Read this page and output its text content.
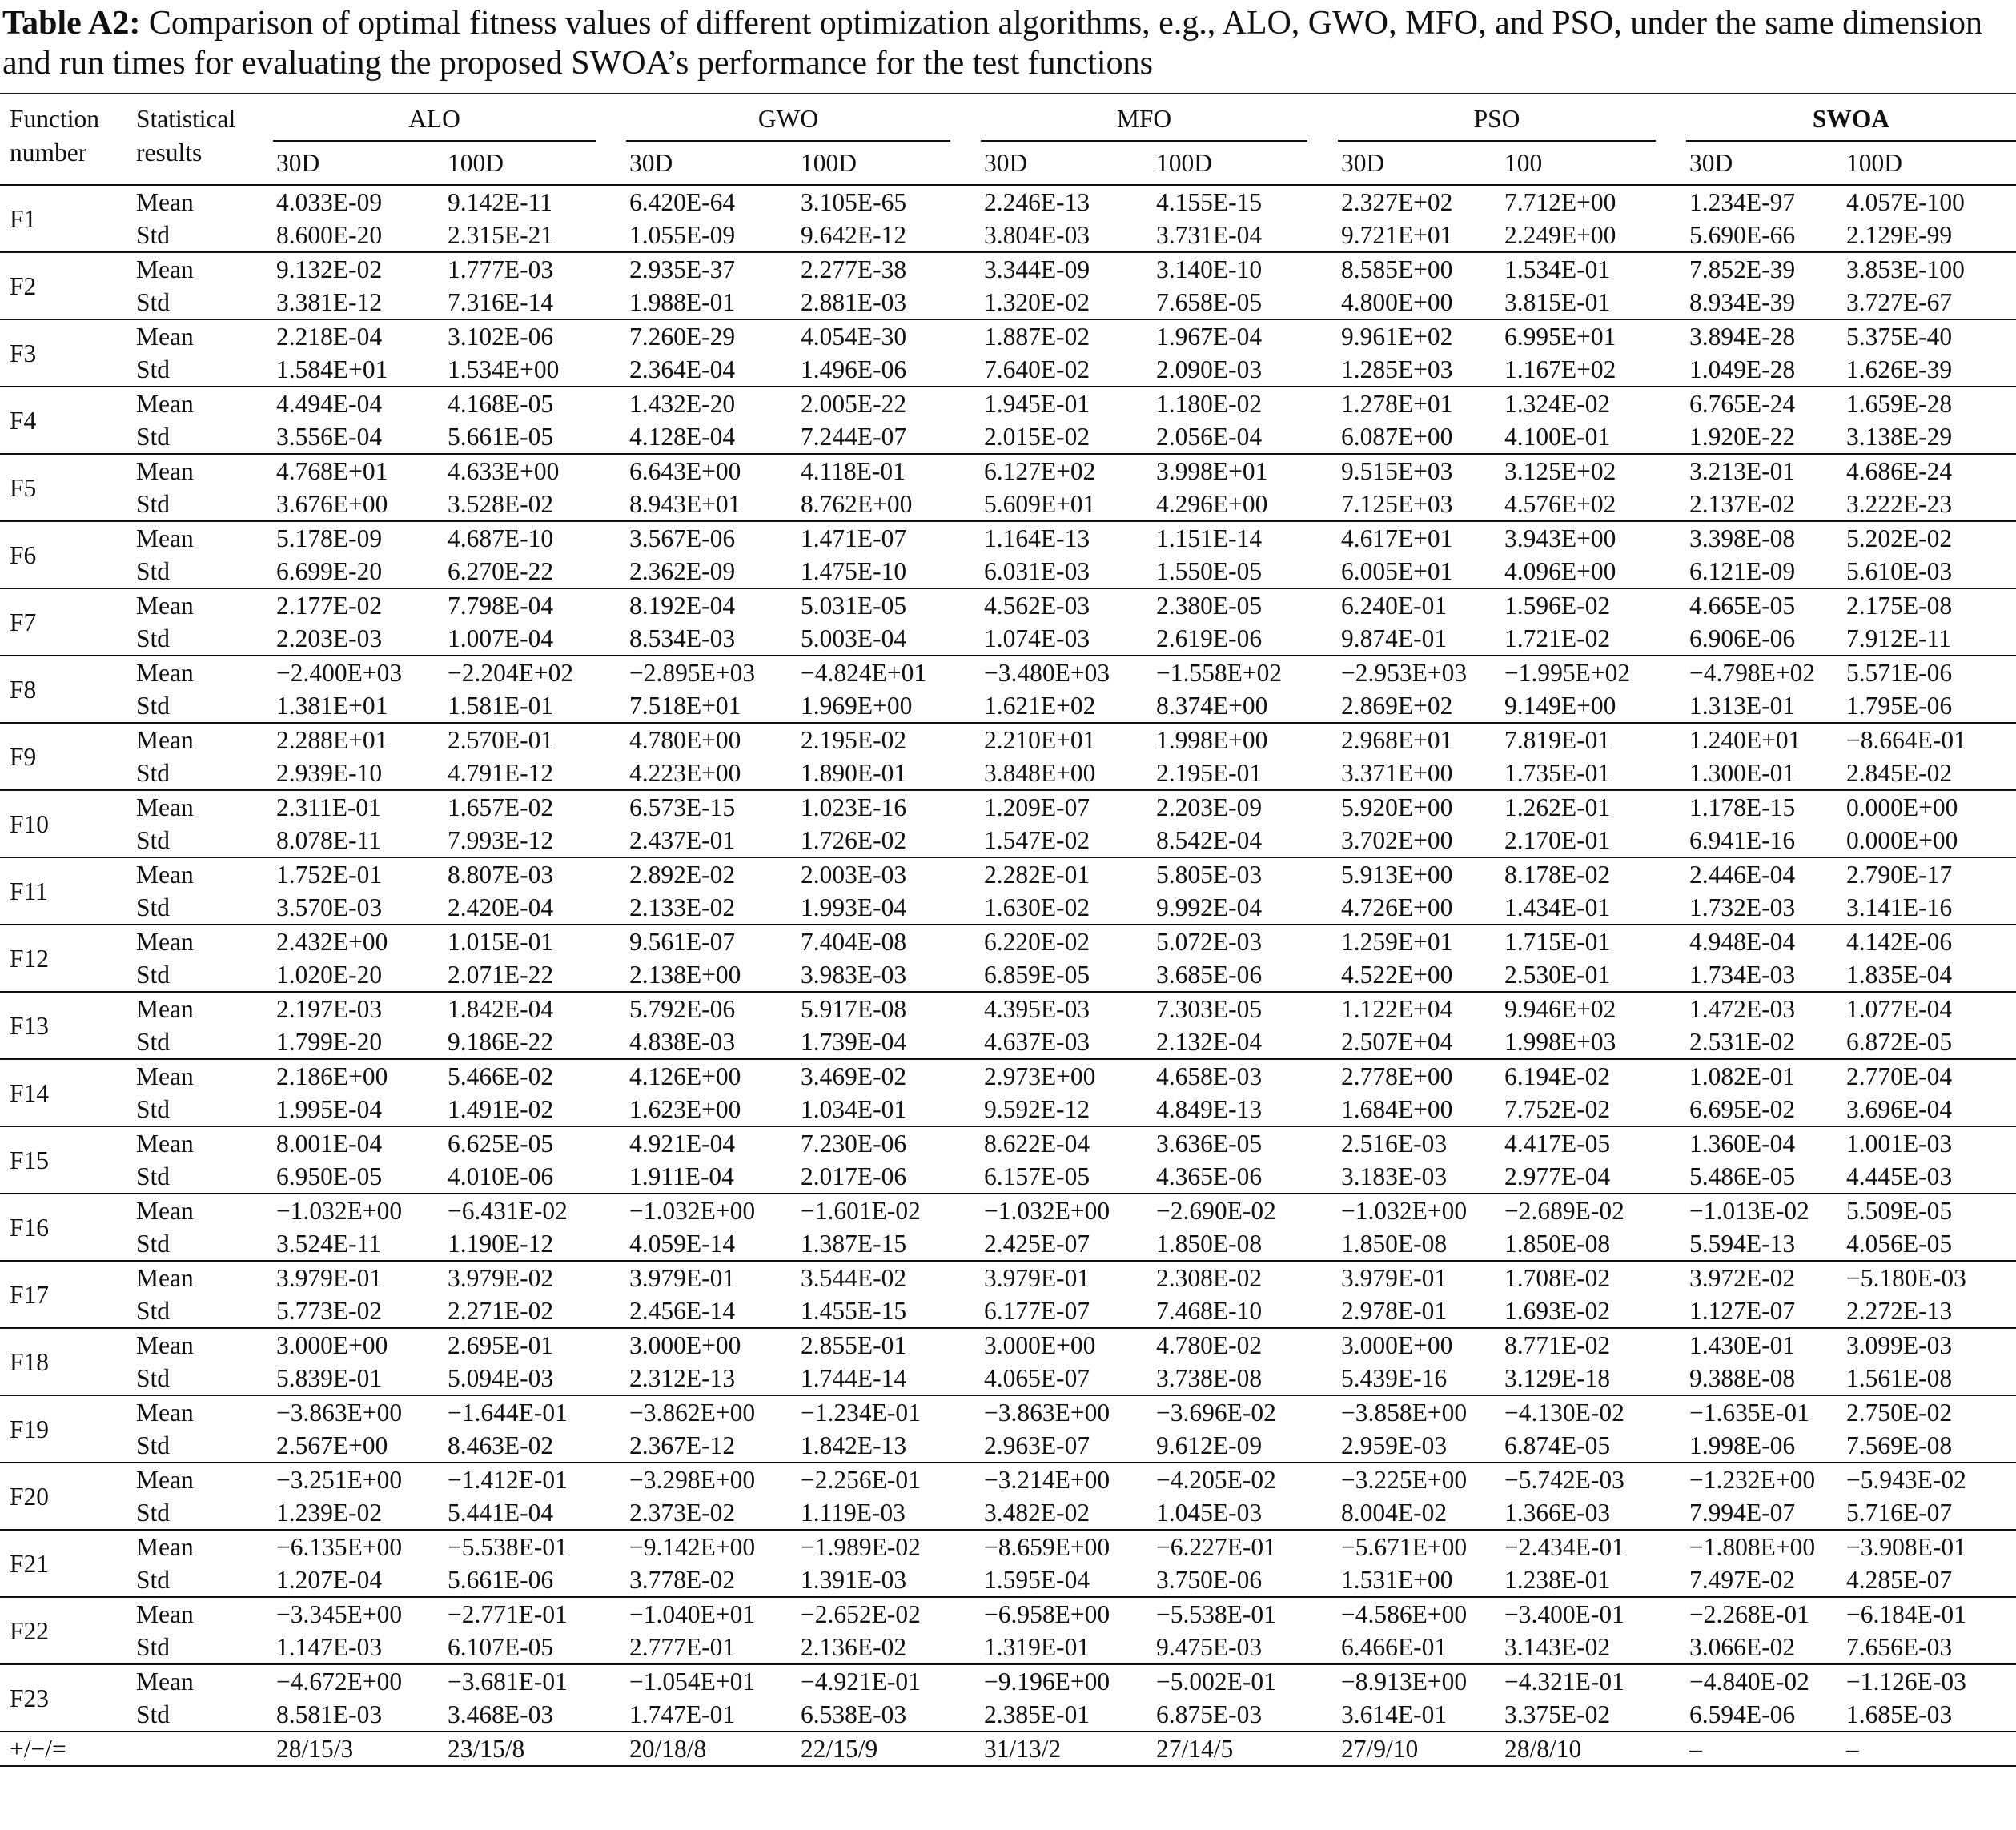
Table A2: Comparison of optimal fitness values of different optimization algorithms, e.g., ALO, GWO, MFO, and PSO, under the same dimension and run times for evaluating the proposed SWOA’s performance for the test functions

Function number	Statistical results	ALO		GWO		MFO		PSO		SWOA	

		30D	100D	30D	100D	30D	100D	30D	100	30D	100D
F1	Mean	4.033E-09	9.142E-11	6.420E-64	3.105E-65	2.246E-13	4.155E-15	2.327E+02	7.712E+00	1.234E-97	4.057E-100
	Std	8.600E-20	2.315E-21	1.055E-09	9.642E-12	3.804E-03	3.731E-04	9.721E+01	2.249E+00	5.690E-66	2.129E-99
F2	Mean	9.132E-02	1.777E-03	2.935E-37	2.277E-38	3.344E-09	3.140E-10	8.585E+00	1.534E-01	7.852E-39	3.853E-100
	Std	3.381E-12	7.316E-14	1.988E-01	2.881E-03	1.320E-02	7.658E-05	4.800E+00	3.815E-01	8.934E-39	3.727E-67
F3	Mean	2.218E-04	3.102E-06	7.260E-29	4.054E-30	1.887E-02	1.967E-04	9.961E+02	6.995E+01	3.894E-28	5.375E-40
	Std	1.584E+01	1.534E+00	2.364E-04	1.496E-06	7.640E-02	2.090E-03	1.285E+03	1.167E+02	1.049E-28	1.626E-39
F4	Mean	4.494E-04	4.168E-05	1.432E-20	2.005E-22	1.945E-01	1.180E-02	1.278E+01	1.324E-02	6.765E-24	1.659E-28
	Std	3.556E-04	5.661E-05	4.128E-04	7.244E-07	2.015E-02	2.056E-04	6.087E+00	4.100E-01	1.920E-22	3.138E-29
F5	Mean	4.768E+01	4.633E+00	6.643E+00	4.118E-01	6.127E+02	3.998E+01	9.515E+03	3.125E+02	3.213E-01	4.686E-24
	Std	3.676E+00	3.528E-02	8.943E+01	8.762E+00	5.609E+01	4.296E+00	7.125E+03	4.576E+02	2.137E-02	3.222E-23
F6	Mean	5.178E-09	4.687E-10	3.567E-06	1.471E-07	1.164E-13	1.151E-14	4.617E+01	3.943E+00	3.398E-08	5.202E-02
	Std	6.699E-20	6.270E-22	2.362E-09	1.475E-10	6.031E-03	1.550E-05	6.005E+01	4.096E+00	6.121E-09	5.610E-03
F7	Mean	2.177E-02	7.798E-04	8.192E-04	5.031E-05	4.562E-03	2.380E-05	6.240E-01	1.596E-02	4.665E-05	2.175E-08
	Std	2.203E-03	1.007E-04	8.534E-03	5.003E-04	1.074E-03	2.619E-06	9.874E-01	1.721E-02	6.906E-06	7.912E-11
F8	Mean	−2.400E+03	−2.204E+02	−2.895E+03	−4.824E+01	−3.480E+03	−1.558E+02	−2.953E+03	−1.995E+02	−4.798E+02	5.571E-06
	Std	1.381E+01	1.581E-01	7.518E+01	1.969E+00	1.621E+02	8.374E+00	2.869E+02	9.149E+00	1.313E-01	1.795E-06
F9	Mean	2.288E+01	2.570E-01	4.780E+00	2.195E-02	2.210E+01	1.998E+00	2.968E+01	7.819E-01	1.240E+01	−8.664E-01
	Std	2.939E-10	4.791E-12	4.223E+00	1.890E-01	3.848E+00	2.195E-01	3.371E+00	1.735E-01	1.300E-01	2.845E-02
F10	Mean	2.311E-01	1.657E-02	6.573E-15	1.023E-16	1.209E-07	2.203E-09	5.920E+00	1.262E-01	1.178E-15	0.000E+00
	Std	8.078E-11	7.993E-12	2.437E-01	1.726E-02	1.547E-02	8.542E-04	3.702E+00	2.170E-01	6.941E-16	0.000E+00
F11	Mean	1.752E-01	8.807E-03	2.892E-02	2.003E-03	2.282E-01	5.805E-03	5.913E+00	8.178E-02	2.446E-04	2.790E-17
	Std	3.570E-03	2.420E-04	2.133E-02	1.993E-04	1.630E-02	9.992E-04	4.726E+00	1.434E-01	1.732E-03	3.141E-16
F12	Mean	2.432E+00	1.015E-01	9.561E-07	7.404E-08	6.220E-02	5.072E-03	1.259E+01	1.715E-01	4.948E-04	4.142E-06
	Std	1.020E-20	2.071E-22	2.138E+00	3.983E-03	6.859E-05	3.685E-06	4.522E+00	2.530E-01	1.734E-03	1.835E-04
F13	Mean	2.197E-03	1.842E-04	5.792E-06	5.917E-08	4.395E-03	7.303E-05	1.122E+04	9.946E+02	1.472E-03	1.077E-04
	Std	1.799E-20	9.186E-22	4.838E-03	1.739E-04	4.637E-03	2.132E-04	2.507E+04	1.998E+03	2.531E-02	6.872E-05
F14	Mean	2.186E+00	5.466E-02	4.126E+00	3.469E-02	2.973E+00	4.658E-03	2.778E+00	6.194E-02	1.082E-01	2.770E-04
	Std	1.995E-04	1.491E-02	1.623E+00	1.034E-01	9.592E-12	4.849E-13	1.684E+00	7.752E-02	6.695E-02	3.696E-04
F15	Mean	8.001E-04	6.625E-05	4.921E-04	7.230E-06	8.622E-04	3.636E-05	2.516E-03	4.417E-05	1.360E-04	1.001E-03
	Std	6.950E-05	4.010E-06	1.911E-04	2.017E-06	6.157E-05	4.365E-06	3.183E-03	2.977E-04	5.486E-05	4.445E-03
F16	Mean	−1.032E+00	−6.431E-02	−1.032E+00	−1.601E-02	−1.032E+00	−2.690E-02	−1.032E+00	−2.689E-02	−1.013E-02	5.509E-05
	Std	3.524E-11	1.190E-12	4.059E-14	1.387E-15	2.425E-07	1.850E-08	1.850E-08	1.850E-08	5.594E-13	4.056E-05
F17	Mean	3.979E-01	3.979E-02	3.979E-01	3.544E-02	3.979E-01	2.308E-02	3.979E-01	1.708E-02	3.972E-02	−5.180E-03
	Std	5.773E-02	2.271E-02	2.456E-14	1.455E-15	6.177E-07	7.468E-10	2.978E-01	1.693E-02	1.127E-07	2.272E-13
F18	Mean	3.000E+00	2.695E-01	3.000E+00	2.855E-01	3.000E+00	4.780E-02	3.000E+00	8.771E-02	1.430E-01	3.099E-03
	Std	5.839E-01	5.094E-03	2.312E-13	1.744E-14	4.065E-07	3.738E-08	5.439E-16	3.129E-18	9.388E-08	1.561E-08
F19	Mean	−3.863E+00	−1.644E-01	−3.862E+00	−1.234E-01	−3.863E+00	−3.696E-02	−3.858E+00	−4.130E-02	−1.635E-01	2.750E-02
	Std	2.567E+00	8.463E-02	2.367E-12	1.842E-13	2.963E-07	9.612E-09	2.959E-03	6.874E-05	1.998E-06	7.569E-08
F20	Mean	−3.251E+00	−1.412E-01	−3.298E+00	−2.256E-01	−3.214E+00	−4.205E-02	−3.225E+00	−5.742E-03	−1.232E+00	−5.943E-02
	Std	1.239E-02	5.441E-04	2.373E-02	1.119E-03	3.482E-02	1.045E-03	8.004E-02	1.366E-03	7.994E-07	5.716E-07
F21	Mean	−6.135E+00	−5.538E-01	−9.142E+00	−1.989E-02	−8.659E+00	−6.227E-01	−5.671E+00	−2.434E-01	−1.808E+00	−3.908E-01
	Std	1.207E-04	5.661E-06	3.778E-02	1.391E-03	1.595E-04	3.750E-06	1.531E+00	1.238E-01	7.497E-02	4.285E-07
F22	Mean	−3.345E+00	−2.771E-01	−1.040E+01	−2.652E-02	−6.958E+00	−5.538E-01	−4.586E+00	−3.400E-01	−2.268E-01	−6.184E-01
	Std	1.147E-03	6.107E-05	2.777E-01	2.136E-02	1.319E-01	9.475E-03	6.466E-01	3.143E-02	3.066E-02	7.656E-03
F23	Mean	−4.672E+00	−3.681E-01	−1.054E+01	−4.921E-01	−9.196E+00	−5.002E-01	−8.913E+00	−4.321E-01	−4.840E-02	−1.126E-03
	Std	8.581E-03	3.468E-03	1.747E-01	6.538E-03	2.385E-01	6.875E-03	3.614E-01	3.375E-02	6.594E-06	1.685E-03
+/−/=		28/15/3	23/15/8	20/18/8	22/15/9	31/13/2	27/14/5	27/9/10	28/8/10	–	–
